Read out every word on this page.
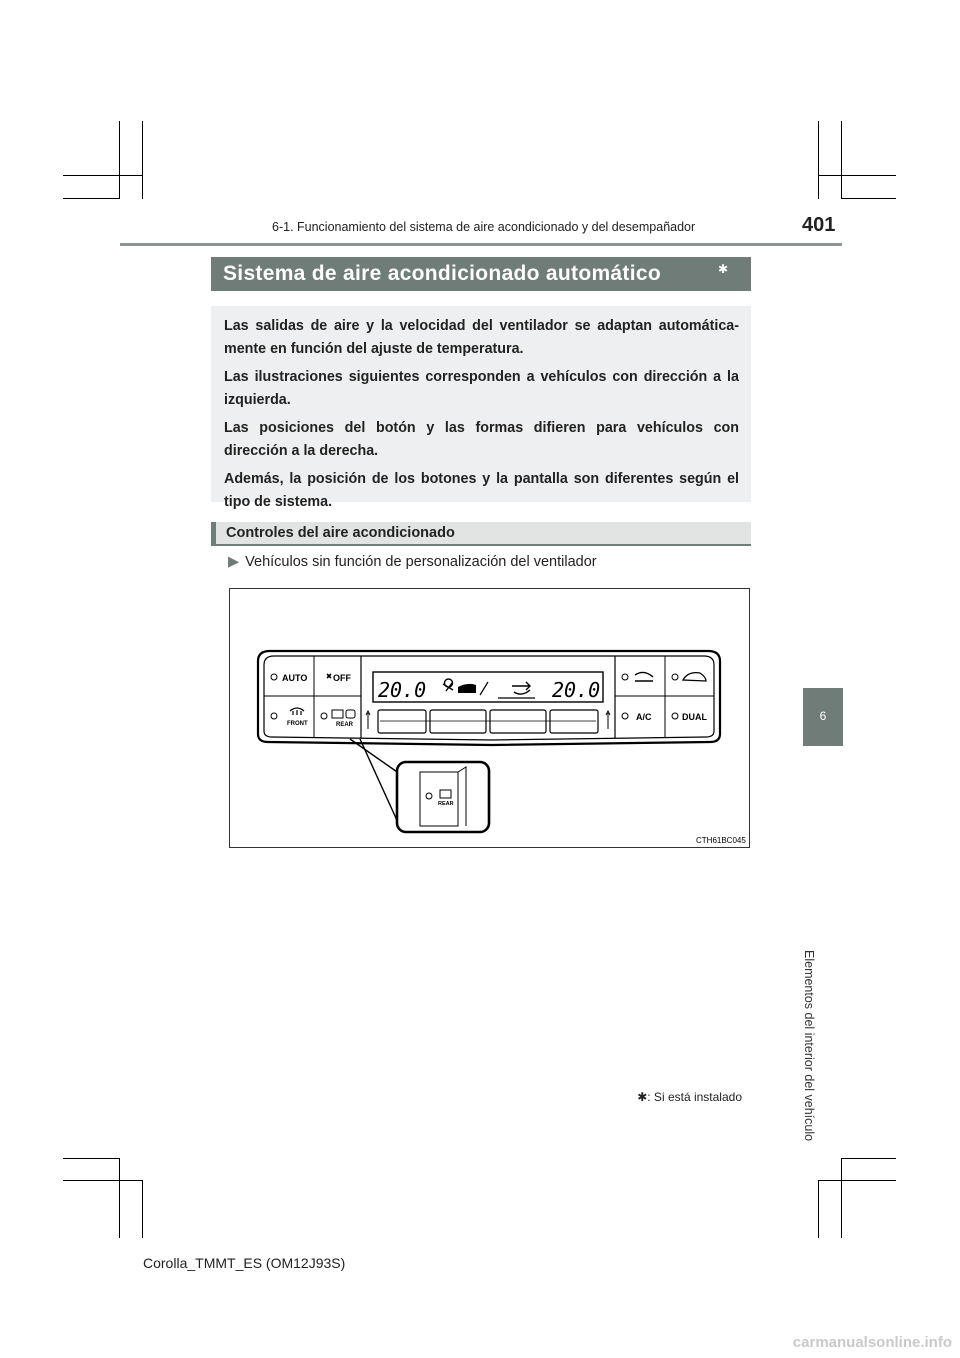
6-1. Funcionamiento del sistema de aire acondicionado y del desempañador	401
6
Elementos del interior del vehículo
Sistema de aire acondicionado automático	✱

Las salidas de aire y la velocidad del ventilador se adaptan automática-mente en función del ajuste de temperatura.

Las ilustraciones siguientes corresponden a vehículos con dirección a la izquierda.

Las posiciones del botón y las formas difieren para vehículos con dirección a la derecha.

Además, la posición de los botones y la pantalla son diferentes según el tipo de sistema.

Controles del aire acondicionado
▶ Vehículos sin función de personalización del ventilador
AUTO	OFF
FRONT	REAR
A/C	DUAL
20.0	20.0
REAR
CTH61BC045
✱: Si está instalado
Corolla_TMMT_ES (OM12J93S)
carmanualsonline.info
